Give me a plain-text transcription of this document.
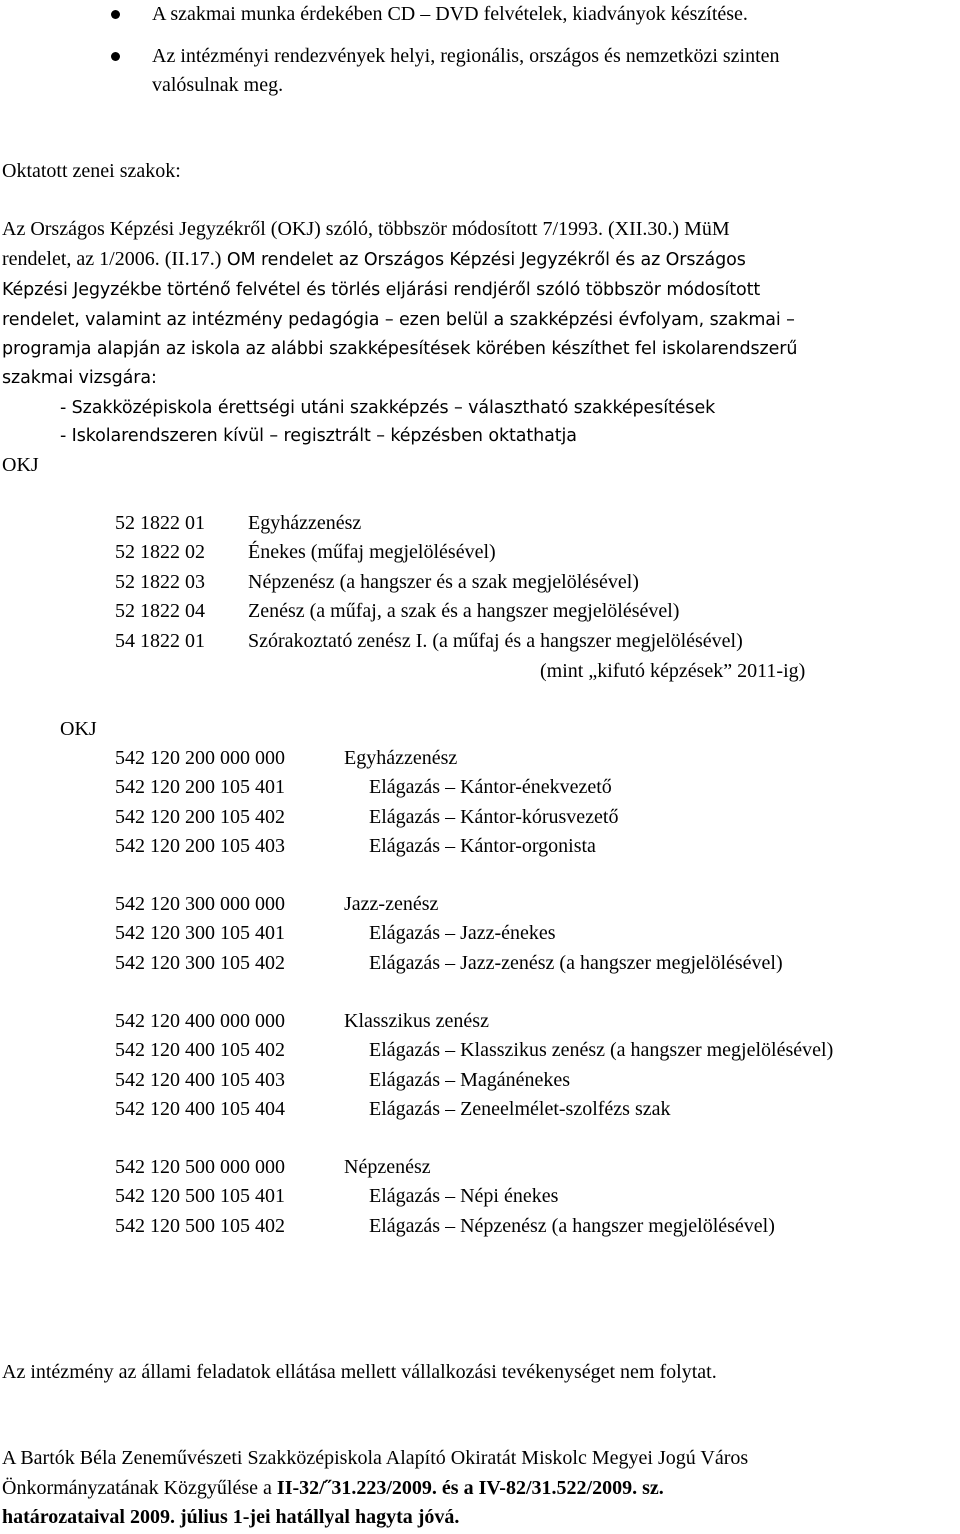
A szakmai munka érdekében CD – DVD felvételek, kiadványok készítése.
Az intézményi rendezvények helyi, regionális, országos és nemzetközi szinten
valósulnak meg.
Oktatott zenei szakok:
Az Országos Képzési Jegyzékről (OKJ) szóló, többször módosított 7/1993. (XII.30.) MüM
rendelet, az 1/2006. (II.17.) OM rendelet az Országos Képzési Jegyzékről és az Országos
Képzési Jegyzékbe történő felvétel és törlés eljárási rendjéről szóló többször módosított
rendelet, valamint az intézmény pedagógia – ezen belül a szakképzési évfolyam, szakmai –
programja alapján az iskola az alábbi szakképesítések körében készíthet fel iskolarendszerű
szakmai vizsgára:
- Szakközépiskola érettségi utáni szakképzés – választható szakképesítések
- Iskolarendszeren kívül – regisztrált – képzésben oktathatja
OKJ
52 1822 01 Egyházzenész
52 1822 02 Énekes (műfaj megjelölésével)
52 1822 03 Népzenész (a hangszer és a szak megjelölésével)
52 1822 04 Zenész (a műfaj, a szak és a hangszer megjelölésével)
54 1822 01 Szórakoztató zenész I. (a műfaj és a hangszer megjelölésével)
(mint „kifutó képzések” 2011-ig)
OKJ
542 120 200 000 000	Egyházzenész
542 120 200 105 401	Elágazás – Kántor-énekvezető
542 120 200 105 402	Elágazás – Kántor-kórusvezető
542 120 200 105 403	Elágazás – Kántor-orgonista
542 120 300 000 000	Jazz-zenész
542 120 300 105 401	Elágazás – Jazz-énekes
542 120 300 105 402	Elágazás – Jazz-zenész (a hangszer megjelölésével)
542 120 400 000 000	Klasszikus zenész
542 120 400 105 402	Elágazás – Klasszikus zenész (a hangszer megjelölésével)
542 120 400 105 403	Elágazás – Magánénekes
542 120 400 105 404	Elágazás – Zeneelmélet-szolfézs szak
542 120 500 000 000	Népzenész
542 120 500 105 401	Elágazás – Népi énekes
542 120 500 105 402	Elágazás – Népzenész (a hangszer megjelölésével)
Az intézmény az állami feladatok ellátása mellett vállalkozási tevékenységet nem folytat.
A Bartók Béla Zeneművészeti Szakközépiskola Alapító Okiratát Miskolc Megyei Jogú Város
Önkormányzatának Közgyűlése a II-32/˝31.223/2009. és a IV-82/31.522/2009. sz.
határozataival 2009. július 1-jei hatállyal hagyta jóvá.
